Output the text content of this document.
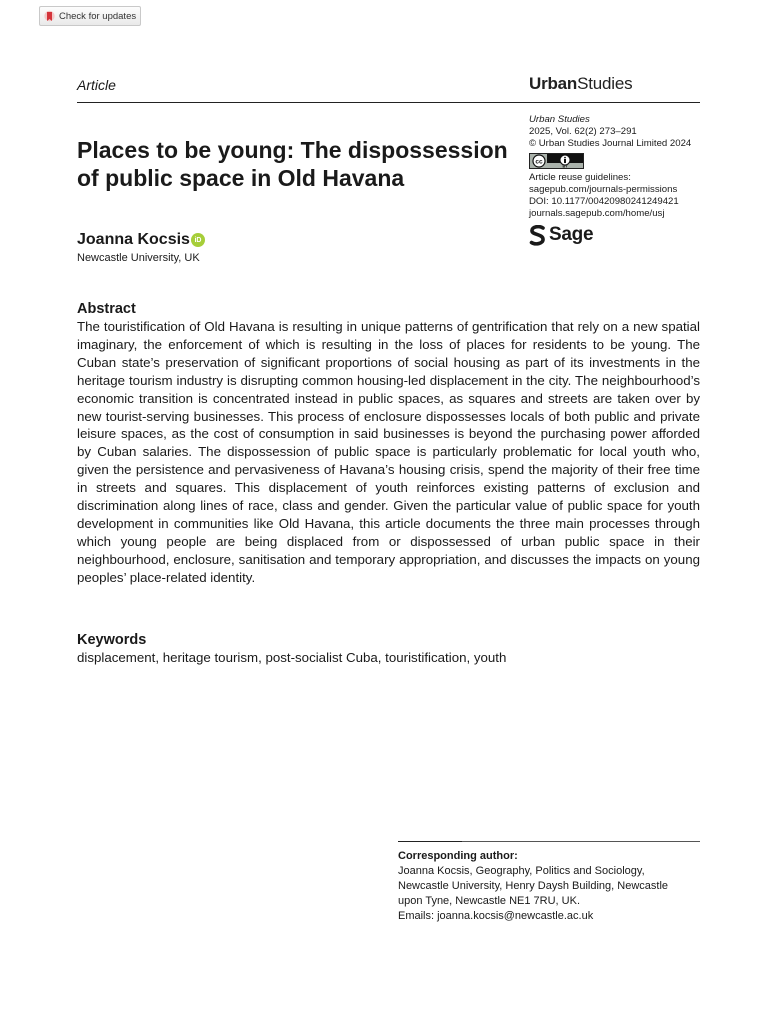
Check for updates
Article	UrbanStudies
Places to be young: The dispossession of public space in Old Havana
Urban Studies
2025, Vol. 62(2) 273–291
© Urban Studies Journal Limited 2024
cc
BY
Article reuse guidelines:
sagepub.com/journals-permissions
DOI: 10.1177/00420980241249421
journals.sagepub.com/home/usj
Sage
Joanna Kocsis iD
Newcastle University, UK
Abstract

The touristification of Old Havana is resulting in unique patterns of gentrification that rely on a new spatial imaginary, the enforcement of which is resulting in the loss of places for residents to be young. The Cuban state’s preservation of significant proportions of social housing as part of its investments in the heritage tourism industry is disrupting common housing-led displacement in the city. The neighbourhood’s economic transition is concentrated instead in public spaces, as squares and streets are taken over by new tourist-serving businesses. This process of enclosure dispossesses locals of both public and private leisure spaces, as the cost of consumption in said businesses is beyond the purchasing power afforded by Cuban salaries. The dispossession of public space is particularly problematic for local youth who, given the persistence and pervasiveness of Havana’s housing crisis, spend the majority of their free time in streets and squares. This displacement of youth reinforces existing patterns of exclusion and discrimination along lines of race, class and gender. Given the particular value of public space for youth development in communities like Old Havana, this article documents the three main processes through which young people are being displaced from or dispossessed of urban public space in their neighbourhood, enclosure, sanitisation and temporary appropriation, and discusses the impacts on young peoples’ place-related identity.

Keywords
displacement, heritage tourism, post-socialist Cuba, touristification, youth
Corresponding author:
Joanna Kocsis, Geography, Politics and Sociology,
Newcastle University, Henry Daysh Building, Newcastle
upon Tyne, Newcastle NE1 7RU, UK.
Emails: joanna.kocsis@newcastle.ac.uk
